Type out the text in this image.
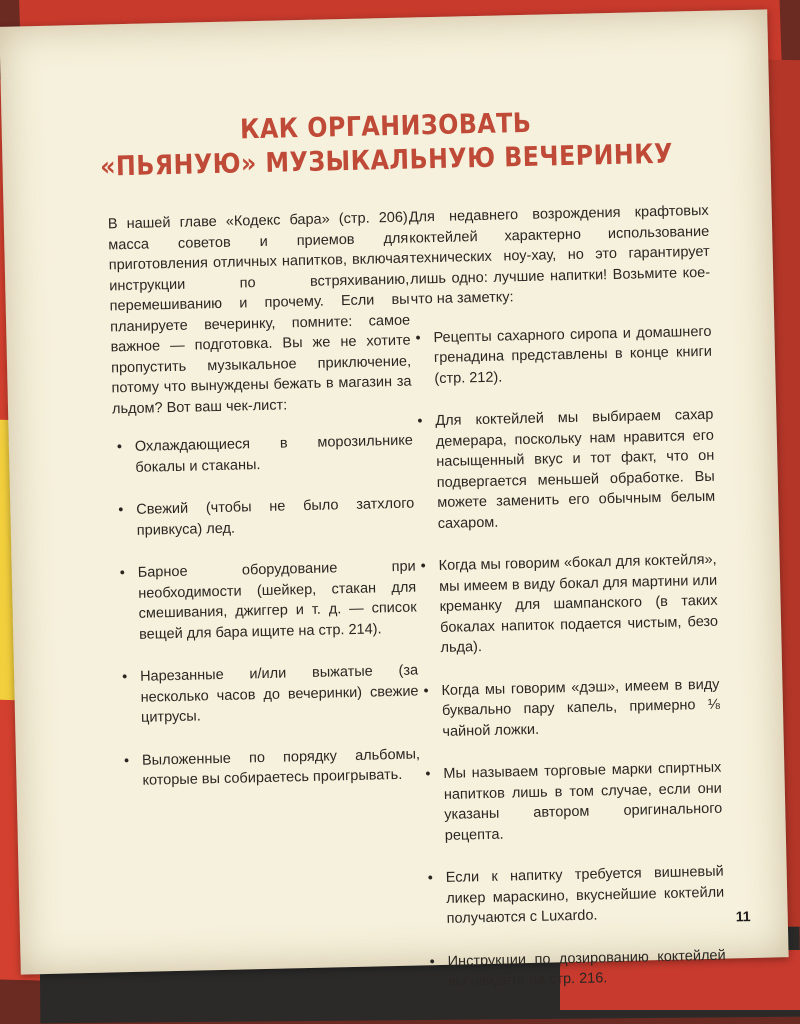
КАК ОРГАНИЗОВАТЬ
«ПЬЯНУЮ» МУЗЫКАЛЬНУЮ ВЕЧЕРИНКУ

В нашей главе «Кодекс бара» (стр. 206) масса советов и приемов для приготовления отличных напитков, включая инструкции по встряхиванию, перемешиванию и прочему. Если вы планируете вечеринку, помните: самое важное — подготовка. Вы же не хотите пропустить музыкальное приключение, потому что вынуждены бежать в магазин за льдом? Вот ваш чек-лист:

• Охлаждающиеся в морозильнике бокалы и стаканы.
• Свежий (чтобы не было затхлого привкуса) лед.
• Барное оборудование при необходимости (шейкер, стакан для смешивания, джиггер и т. д. — список вещей для бара ищите на стр. 214).
• Нарезанные и/или выжатые (за несколько часов до вечеринки) свежие цитрусы.
• Выложенные по порядку альбомы, которые вы собираетесь проигрывать.

Для недавнего возрождения крафтовых коктейлей характерно использование технических ноу-хау, но это гарантирует лишь одно: лучшие напитки! Возьмите кое-что на заметку:

• Рецепты сахарного сиропа и домашнего гренадина представлены в конце книги (стр. 212).
• Для коктейлей мы выбираем сахар демерара, поскольку нам нравится его насыщенный вкус и тот факт, что он подвергается меньшей обработке. Вы можете заменить его обычным белым сахаром.
• Когда мы говорим «бокал для коктейля», мы имеем в виду бокал для мартини или креманку для шампанского (в таких бокалах напиток подается чистым, безо льда).
• Когда мы говорим «дэш», имеем в виду буквально пару капель, примерно ⅛ чайной ложки.
• Мы называем торговые марки спиртных напитков лишь в том случае, если они указаны автором оригинального рецепта.
• Если к напитку требуется вишневый ликер мараскино, вкуснейшие коктейли получаются с Luxardo.
• Инструкции по дозированию коктейлей вы найдете на стр. 216.
11
